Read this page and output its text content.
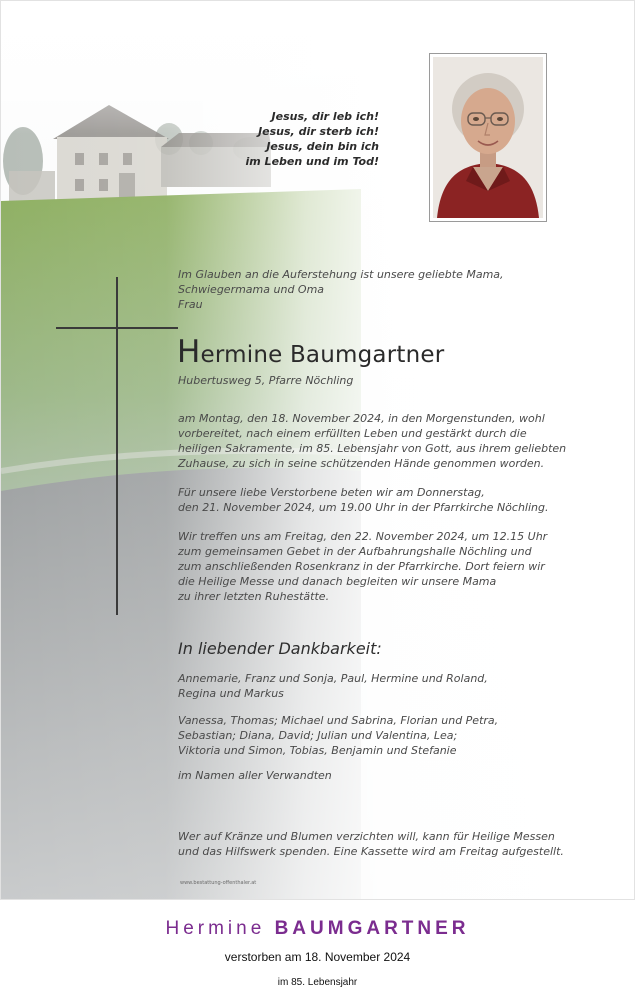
Jesus, dir leb ich!
Jesus, dir sterb ich!
Jesus, dein bin ich
im Leben und im Tod!
Im Glauben an die Auferstehung ist unsere geliebte Mama,
Schwiegermama und Oma
Frau
Hermine Baumgartner
Hubertusweg 5, Pfarre Nöchling
am Montag, den 18. November 2024, in den Morgenstunden, wohl
vorbereitet, nach einem erfüllten Leben und gestärkt durch die
heiligen Sakramente, im 85. Lebensjahr von Gott, aus ihrem geliebten
Zuhause, zu sich in seine schützenden Hände genommen worden.
Für unsere liebe Verstorbene beten wir am Donnerstag,
den 21. November 2024, um 19.00 Uhr in der Pfarrkirche Nöchling.
Wir treffen uns am Freitag, den 22. November 2024, um 12.15 Uhr
zum gemeinsamen Gebet in der Aufbahrungshalle Nöchling und
zum anschließenden Rosenkranz in der Pfarrkirche. Dort feiern wir
die Heilige Messe und danach begleiten wir unsere Mama
zu ihrer letzten Ruhestätte.
In liebender Dankbarkeit:
Annemarie, Franz und Sonja, Paul, Hermine und Roland,
Regina und Markus
Vanessa, Thomas; Michael und Sabrina, Florian und Petra,
Sebastian; Diana, David; Julian und Valentina, Lea;
Viktoria und Simon, Tobias, Benjamin und Stefanie
im Namen aller Verwandten
Wer auf Kränze und Blumen verzichten will, kann für Heilige Messen
und das Hilfswerk spenden. Eine Kassette wird am Freitag aufgestellt.
www.bestattung-offenthaler.at
Hermine BAUMGARTNER
verstorben am 18. November 2024
im 85. Lebensjahr
